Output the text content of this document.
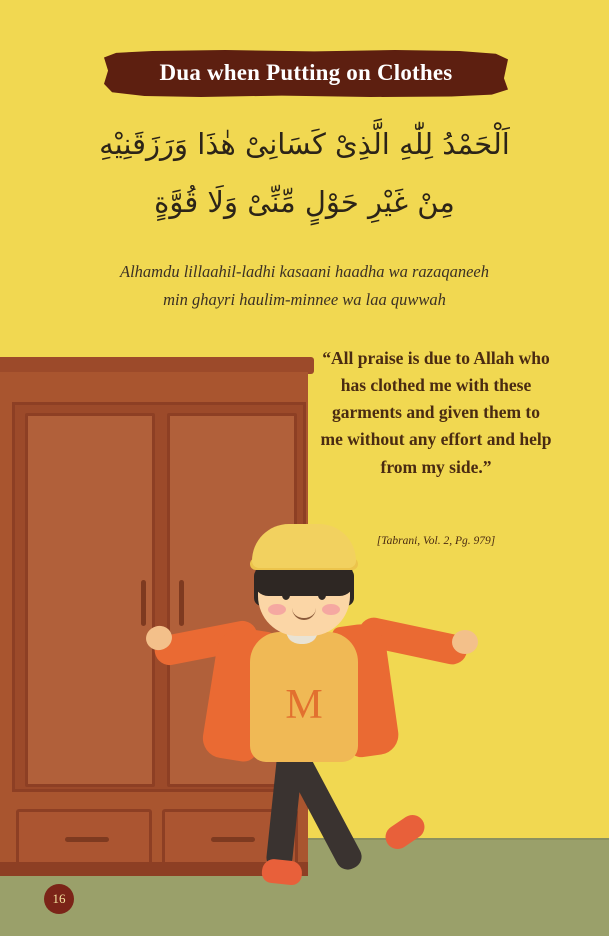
Dua when Putting on Clothes
اَلْحَمْدُ لِلّٰهِ الَّذِىْ كَسَانِىْ هٰذَا وَرَزَقَنِيْهِ
مِنْ غَيْرِ حَوْلٍ مِّنِّىْ وَلَا قُوَّةٍ
Alhamdu lillaahil-ladhi kasaani haadha wa razaqaneeh
min ghayri haulim-minnee wa laa quwwah
“All praise is due to Allah who has clothed me with these garments and given them to me without any effort and help from my side.”
[Tabrani, Vol. 2, Pg. 979]
M
16
